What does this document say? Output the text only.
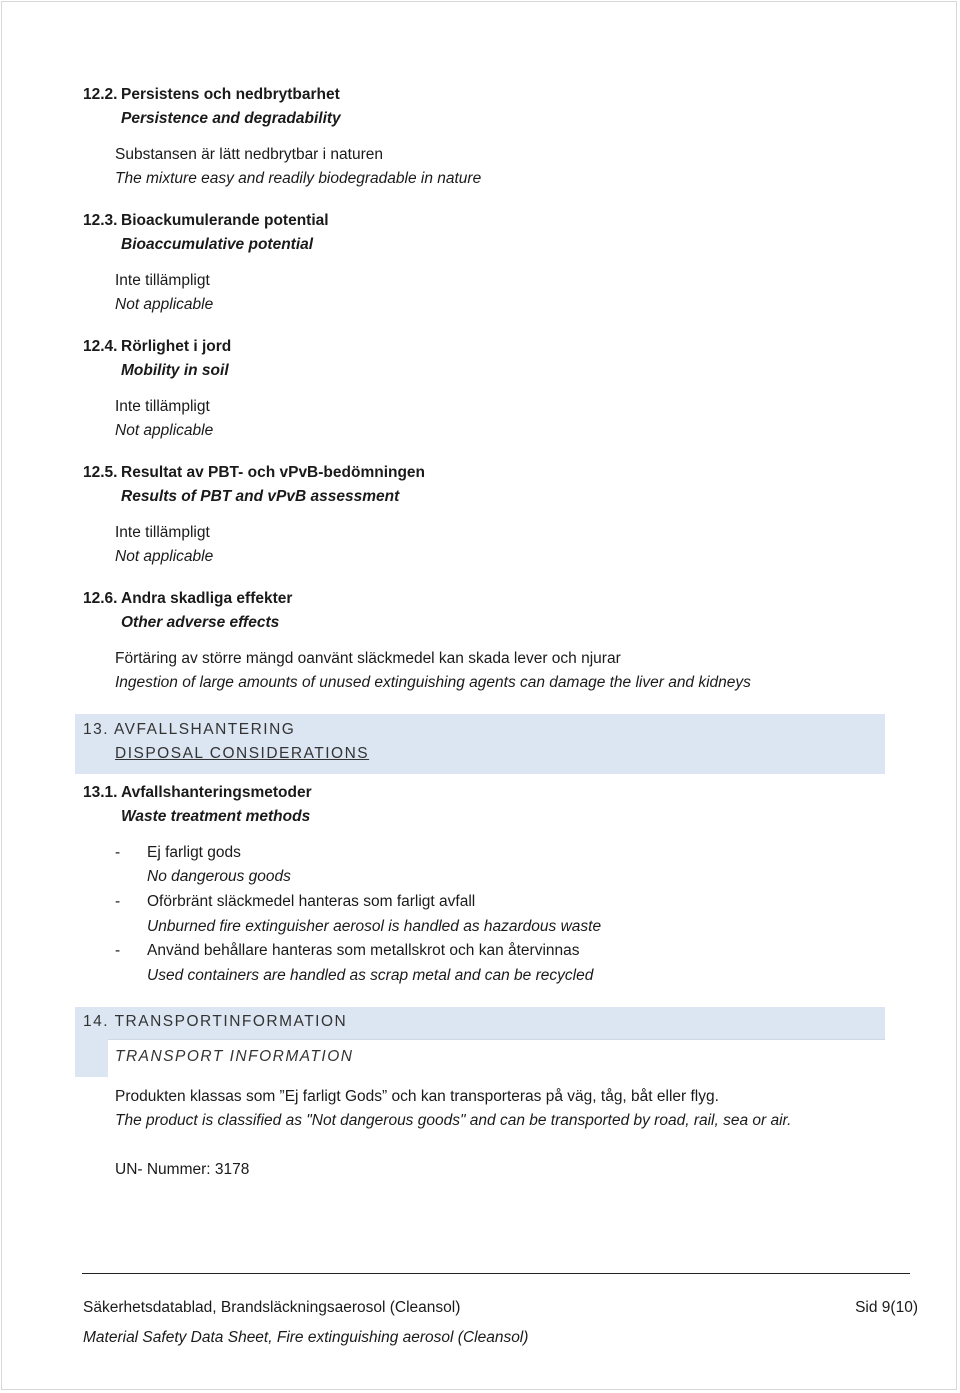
12.2. Persistens och nedbrytbarhet
Persistence and degradability
Substansen är lätt nedbrytbar i naturen
The mixture easy and readily biodegradable in nature
12.3. Bioackumulerande potential
Bioaccumulative potential
Inte tillämpligt
Not applicable
12.4. Rörlighet i jord
Mobility in soil
Inte tillämpligt
Not applicable
12.5. Resultat av PBT- och vPvB-bedömningen
Results of PBT and vPvB assessment
Inte tillämpligt
Not applicable
12.6. Andra skadliga effekter
Other adverse effects
Förtäring av större mängd oanvänt släckmedel kan skada lever och njurar
Ingestion of large amounts of unused extinguishing agents can damage the liver and kidneys
13. AVFALLSHANTERING
DISPOSAL CONSIDERATIONS
13.1. Avfallshanteringsmetoder
Waste treatment methods
- Ej farligt gods
No dangerous goods
- Oförbränt släckmedel hanteras som farligt avfall
Unburned fire extinguisher aerosol is handled as hazardous waste
- Använd behållare hanteras som metallskrot och kan återvinnas
Used containers are handled as scrap metal and can be recycled
14. TRANSPORTINFORMATION
TRANSPORT INFORMATION
Produkten klassas som ”Ej farligt Gods” och kan transporteras på väg, tåg, båt eller flyg.
The product is classified as "Not dangerous goods" and can be transported by road, rail, sea or air.
UN- Nummer: 3178
Säkerhetsdatablad, Brandsläckningsaerosol (Cleansol)	Sid 9(10)
Material Safety Data Sheet, Fire extinguishing aerosol (Cleansol)
